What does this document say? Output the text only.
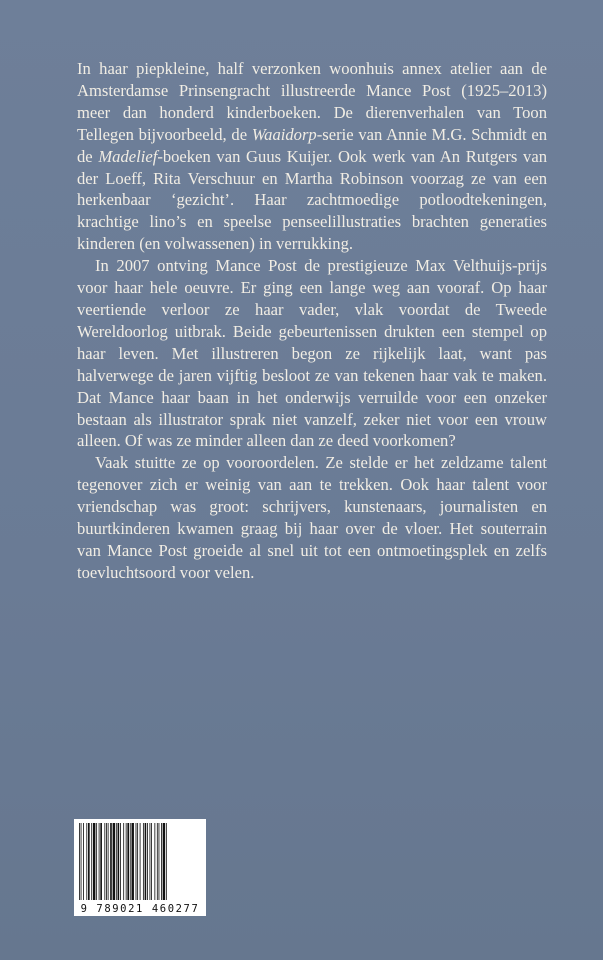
In haar piepkleine, half verzonken woonhuis annex atelier aan de Amsterdamse Prinsengracht illustreerde Mance Post (1925–2013) meer dan honderd kinderboeken. De dierenverhalen van Toon Tellegen bijvoorbeeld, de Waaidorp-serie van Annie M.G. Schmidt en de Madelief-boeken van Guus Kuijer. Ook werk van An Rutgers van der Loeff, Rita Verschuur en Martha Robinson voorzag ze van een herkenbaar ‘gezicht’. Haar zachtmoedige potloodtekeningen, krachtige lino’s en speelse penseelillustraties brachten generaties kinderen (en volwassenen) in verrukking.

In 2007 ontving Mance Post de prestigieuze Max Velthuijs-prijs voor haar hele oeuvre. Er ging een lange weg aan vooraf. Op haar veertiende verloor ze haar vader, vlak voordat de Tweede Wereldoorlog uitbrak. Beide gebeurtenissen drukten een stempel op haar leven. Met illustreren begon ze rijkelijk laat, want pas halverwege de jaren vijftig besloot ze van tekenen haar vak te maken. Dat Mance haar baan in het onderwijs verruilde voor een onzeker bestaan als illustrator sprak niet vanzelf, zeker niet voor een vrouw alleen. Of was ze minder alleen dan ze deed voorkomen?

Vaak stuitte ze op vooroordelen. Ze stelde er het zeldzame talent tegenover zich er weinig van aan te trekken. Ook haar talent voor vriendschap was groot: schrijvers, kunstenaars, journalisten en buurtkinderen kwamen graag bij haar over de vloer. Het souterrain van Mance Post groeide al snel uit tot een ontmoetingsplek en zelfs toevluchtsoord voor velen.

9 789021 460277
